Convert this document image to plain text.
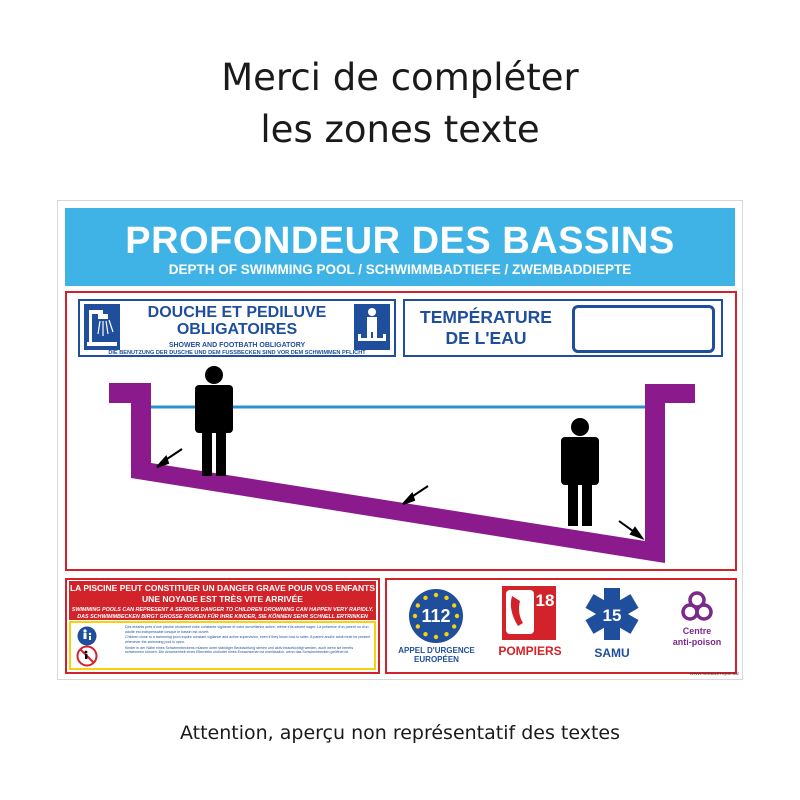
Merci de compléter
les zones texte
PROFONDEUR DES BASSINS
DEPTH OF SWIMMING POOL / SCHWIMMBADTIEFE / ZWEMBADDIEPTE
DOUCHE ET PEDILUVE
OBLIGATOIRES
SHOWER AND FOOTBATH OBLIGATORY
DIE BENUTZUNG DER DUSCHE UND DEM FUSSBECKEN SIND VOR DEM SCHWIMMEN PFLICHT
TEMPÉRATURE
DE L'EAU
LA PISCINE PEUT CONSTITUER UN DANGER GRAVE POUR VOS ENFANTS
UNE NOYADE EST TRÈS VITE ARRIVÉE
SWIMMING POOLS CAN REPRESENT A SERIOUS DANGER TO CHILDREN DROWNING CAN HAPPEN VERY RAPIDLY.
DAS SCHWIMMBECKEN BIRGT GROSSE RISIKEN FÜR IHRE KINDER, SIE KÖNNEN SEHR SCHNELL ERTRINKEN

Des enfants près d'une piscine réclament votre constante vigilance et votre surveillance active, même s'ils savent nager. La présence d'un parent ou d'un adulte est indispensable lorsque le bassin est ouvert.

Children close to a swimming pool require constant vigilance and active supervision, even if they know how to swim. A parent and/or adult must be present whenever the swimming pool is open.

Kinder in der Nähe eines Schwimmbeckens müssen unter ständiger Beobachtung stehen und aktiv beaufsichtigt werden, auch wenn sie bereits schwimmen können. Die Anwesenheit eines Elternteils und/oder eines Erwachsenen ist unerlässlich, wenn das Schwimmbecken geöffnet ist.

112
APPEL D'URGENCE
EUROPÉEN
18
POMPIERS
15
SAMU
Centre
anti-poison
WWW.SIGNALETIQUE.BIZ
Attention, aperçu non représentatif des textes
